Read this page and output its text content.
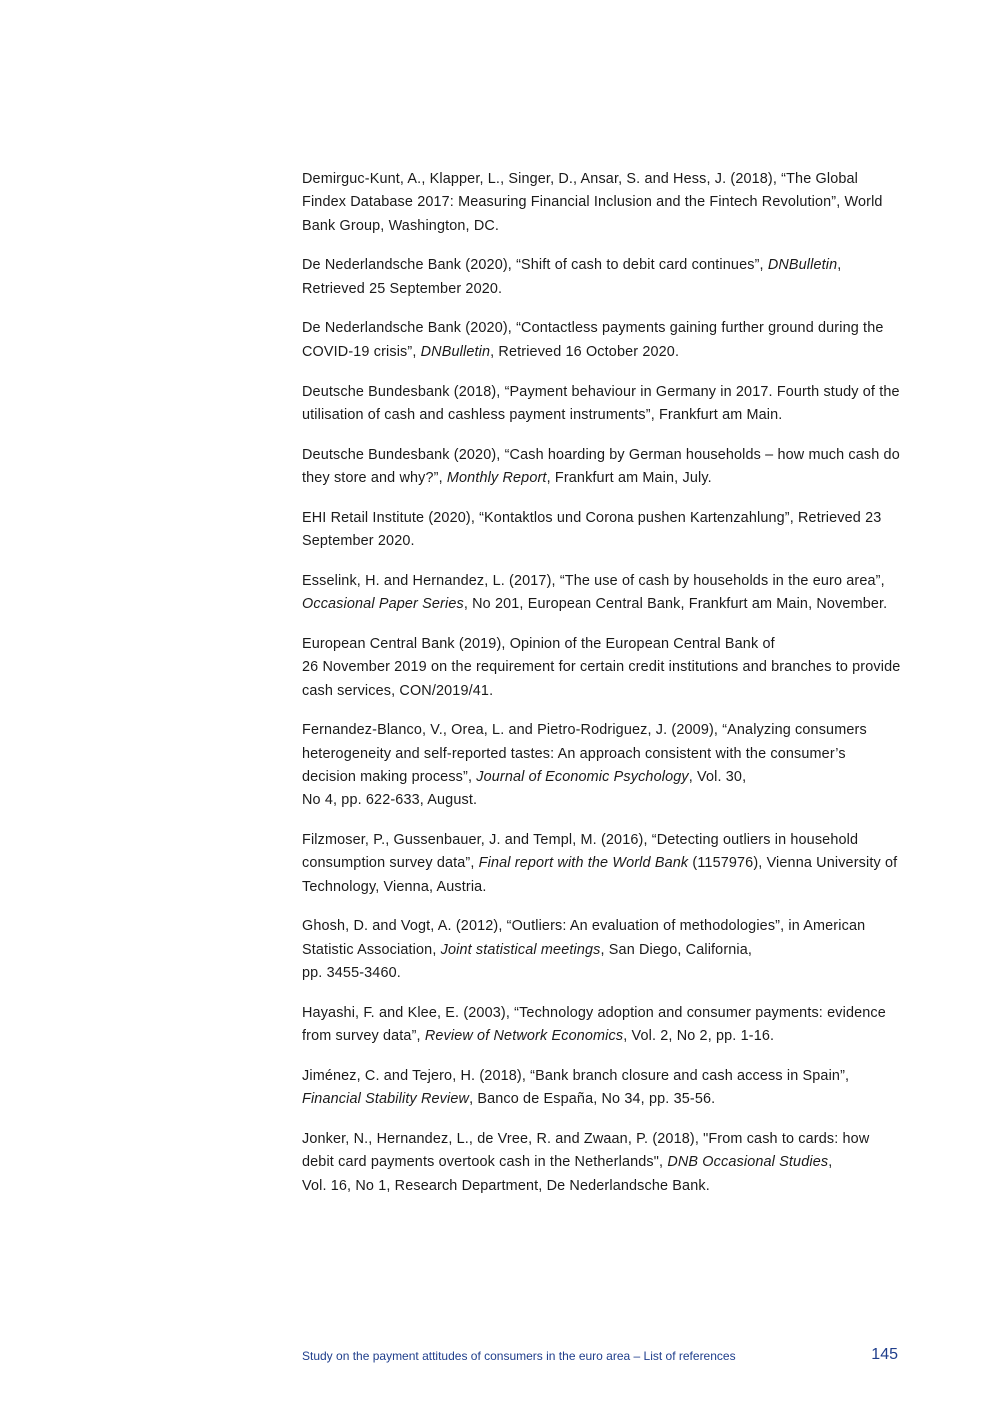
Demirguc-Kunt, A., Klapper, L., Singer, D., Ansar, S. and Hess, J. (2018), “The Global Findex Database 2017: Measuring Financial Inclusion and the Fintech Revolution”, World Bank Group, Washington, DC.

De Nederlandsche Bank (2020), “Shift of cash to debit card continues”, DNBulletin, Retrieved 25 September 2020.

De Nederlandsche Bank (2020), “Contactless payments gaining further ground during the COVID-19 crisis”, DNBulletin, Retrieved 16 October 2020.

Deutsche Bundesbank (2018), “Payment behaviour in Germany in 2017. Fourth study of the utilisation of cash and cashless payment instruments”, Frankfurt am Main.

Deutsche Bundesbank (2020), “Cash hoarding by German households – how much cash do they store and why?”, Monthly Report, Frankfurt am Main, July.

EHI Retail Institute (2020), “Kontaktlos und Corona pushen Kartenzahlung”, Retrieved 23 September 2020.

Esselink, H. and Hernandez, L. (2017), “The use of cash by households in the euro area”, Occasional Paper Series, No 201, European Central Bank, Frankfurt am Main, November.

European Central Bank (2019), Opinion of the European Central Bank of
26 November 2019 on the requirement for certain credit institutions and branches to provide cash services, CON/2019/41.

Fernandez-Blanco, V., Orea, L. and Pietro-Rodriguez, J. (2009), “Analyzing consumers heterogeneity and self-reported tastes: An approach consistent with the consumer’s decision making process”, Journal of Economic Psychology, Vol. 30,
No 4, pp. 622-633, August.

Filzmoser, P., Gussenbauer, J. and Templ, M. (2016), “Detecting outliers in household consumption survey data”, Final report with the World Bank (1157976), Vienna University of Technology, Vienna, Austria.

Ghosh, D. and Vogt, A. (2012), “Outliers: An evaluation of methodologies”, in American Statistic Association, Joint statistical meetings, San Diego, California,
pp. 3455-3460.

Hayashi, F. and Klee, E. (2003), “Technology adoption and consumer payments: evidence from survey data”, Review of Network Economics, Vol. 2, No 2, pp. 1-16.

Jiménez, C. and Tejero, H. (2018), “Bank branch closure and cash access in Spain”, Financial Stability Review, Banco de España, No 34, pp. 35-56.

Jonker, N., Hernandez, L., de Vree, R. and Zwaan, P. (2018), "From cash to cards: how debit card payments overtook cash in the Netherlands", DNB Occasional Studies,
Vol. 16, No 1, Research Department, De Nederlandsche Bank.

Study on the payment attitudes of consumers in the euro area – List of references	145
